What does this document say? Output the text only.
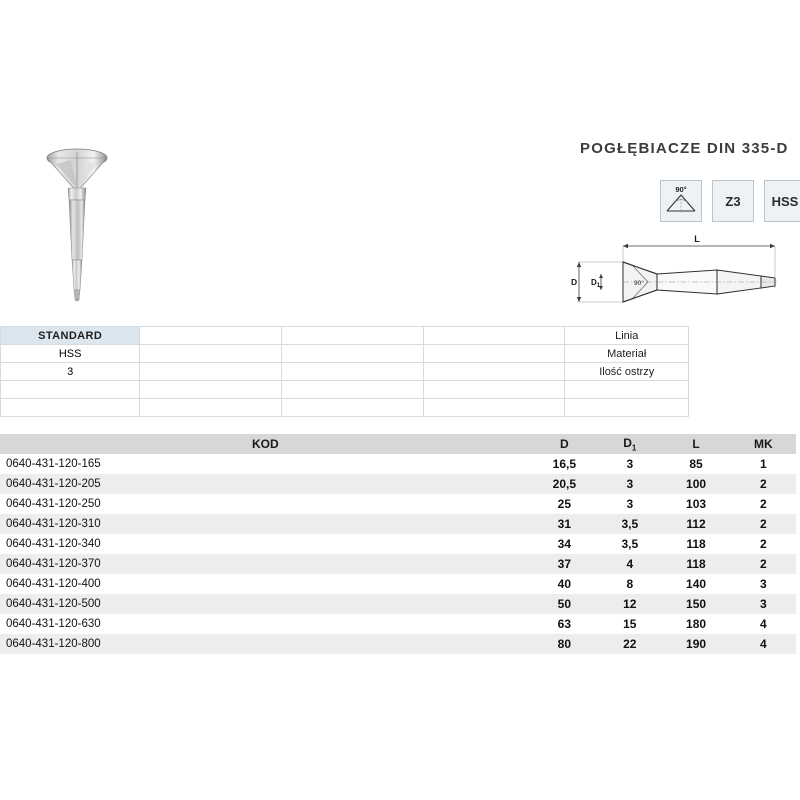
POGŁĘBIACZE DIN 335-D
90°
Z3	HSS
L
D $D_1$	90°
STANDARD				Linia
HSS				Materiał
3				Ilość ostrzy

KOD	D	$D_1$	L	MK
0640-431-120-165	16,5	3	85	1
0640-431-120-205	20,5	3	100	2
0640-431-120-250	25	3	103	2
0640-431-120-310	31	3,5	112	2
0640-431-120-340	34	3,5	118	2
0640-431-120-370	37	4	118	2
0640-431-120-400	40	8	140	3
0640-431-120-500	50	12	150	3
0640-431-120-630	63	15	180	4
0640-431-120-800	80	22	190	4
